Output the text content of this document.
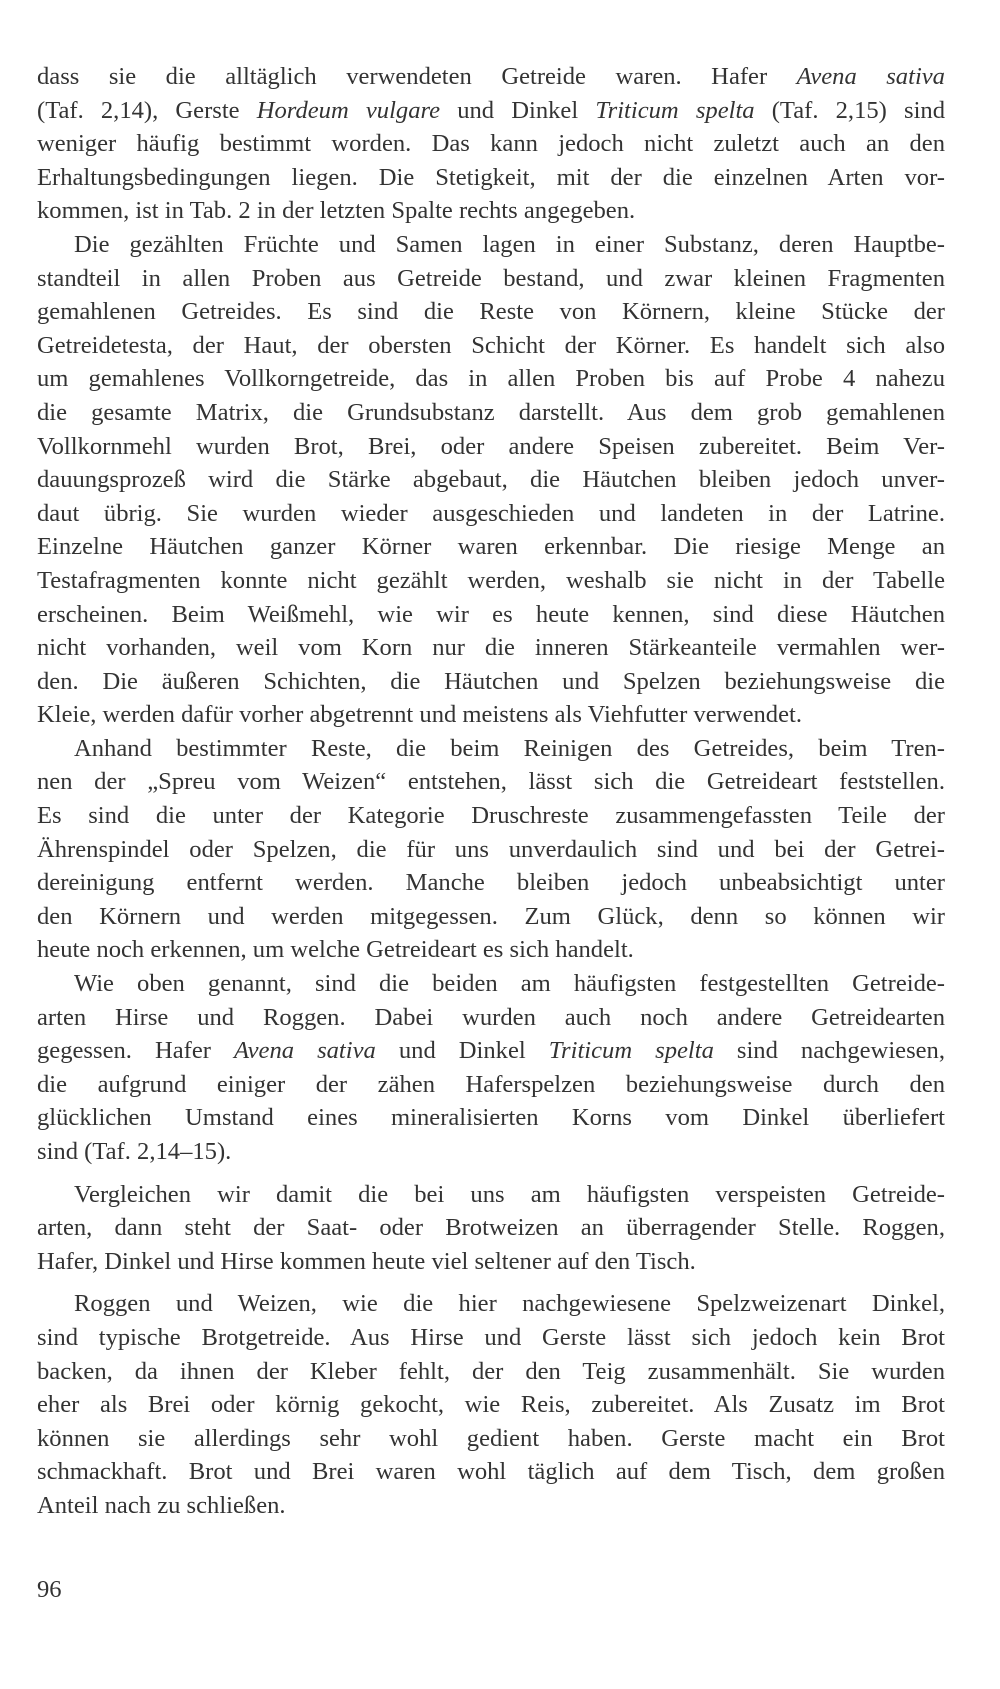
dass sie die alltäglich verwendeten Getreide waren. Hafer Avena sativa
(Taf. 2,14), Gerste Hordeum vulgare und Dinkel Triticum spelta (Taf. 2,15) sind
weniger häufig bestimmt worden. Das kann jedoch nicht zuletzt auch an den
Erhaltungsbedingungen liegen. Die Stetigkeit, mit der die einzelnen Arten vor-
kommen, ist in Tab. 2 in der letzten Spalte rechts angegeben.
Die gezählten Früchte und Samen lagen in einer Substanz, deren Hauptbe-
standteil in allen Proben aus Getreide bestand, und zwar kleinen Fragmenten
gemahlenen Getreides. Es sind die Reste von Körnern, kleine Stücke der
Getreidetesta, der Haut, der obersten Schicht der Körner. Es handelt sich also
um gemahlenes Vollkorngetreide, das in allen Proben bis auf Probe 4 nahezu
die gesamte Matrix, die Grundsubstanz darstellt. Aus dem grob gemahlenen
Vollkornmehl wurden Brot, Brei, oder andere Speisen zubereitet. Beim Ver-
dauungsprozeß wird die Stärke abgebaut, die Häutchen bleiben jedoch unver-
daut übrig. Sie wurden wieder ausgeschieden und landeten in der Latrine.
Einzelne Häutchen ganzer Körner waren erkennbar. Die riesige Menge an
Testafragmenten konnte nicht gezählt werden, weshalb sie nicht in der Tabelle
erscheinen. Beim Weißmehl, wie wir es heute kennen, sind diese Häutchen
nicht vorhanden, weil vom Korn nur die inneren Stärkeanteile vermahlen wer-
den. Die äußeren Schichten, die Häutchen und Spelzen beziehungsweise die
Kleie, werden dafür vorher abgetrennt und meistens als Viehfutter verwendet.
Anhand bestimmter Reste, die beim Reinigen des Getreides, beim Tren-
nen der „Spreu vom Weizen“ entstehen, lässt sich die Getreideart feststellen.
Es sind die unter der Kategorie Druschreste zusammengefassten Teile der
Ährenspindel oder Spelzen, die für uns unverdaulich sind und bei der Getrei-
dereinigung entfernt werden. Manche bleiben jedoch unbeabsichtigt unter
den Körnern und werden mitgegessen. Zum Glück, denn so können wir
heute noch erkennen, um welche Getreideart es sich handelt.
Wie oben genannt, sind die beiden am häufigsten festgestellten Getreide-
arten Hirse und Roggen. Dabei wurden auch noch andere Getreidearten
gegessen. Hafer Avena sativa und Dinkel Triticum spelta sind nachgewiesen,
die aufgrund einiger der zähen Haferspelzen beziehungsweise durch den
glücklichen Umstand eines mineralisierten Korns vom Dinkel überliefert
sind (Taf. 2,14–15).
Vergleichen wir damit die bei uns am häufigsten verspeisten Getreide-
arten, dann steht der Saat- oder Brotweizen an überragender Stelle. Roggen,
Hafer, Dinkel und Hirse kommen heute viel seltener auf den Tisch.
Roggen und Weizen, wie die hier nachgewiesene Spelzweizenart Dinkel,
sind typische Brotgetreide. Aus Hirse und Gerste lässt sich jedoch kein Brot
backen, da ihnen der Kleber fehlt, der den Teig zusammenhält. Sie wurden
eher als Brei oder körnig gekocht, wie Reis, zubereitet. Als Zusatz im Brot
können sie allerdings sehr wohl gedient haben. Gerste macht ein Brot
schmackhaft. Brot und Brei waren wohl täglich auf dem Tisch, dem großen
Anteil nach zu schließen.
96
